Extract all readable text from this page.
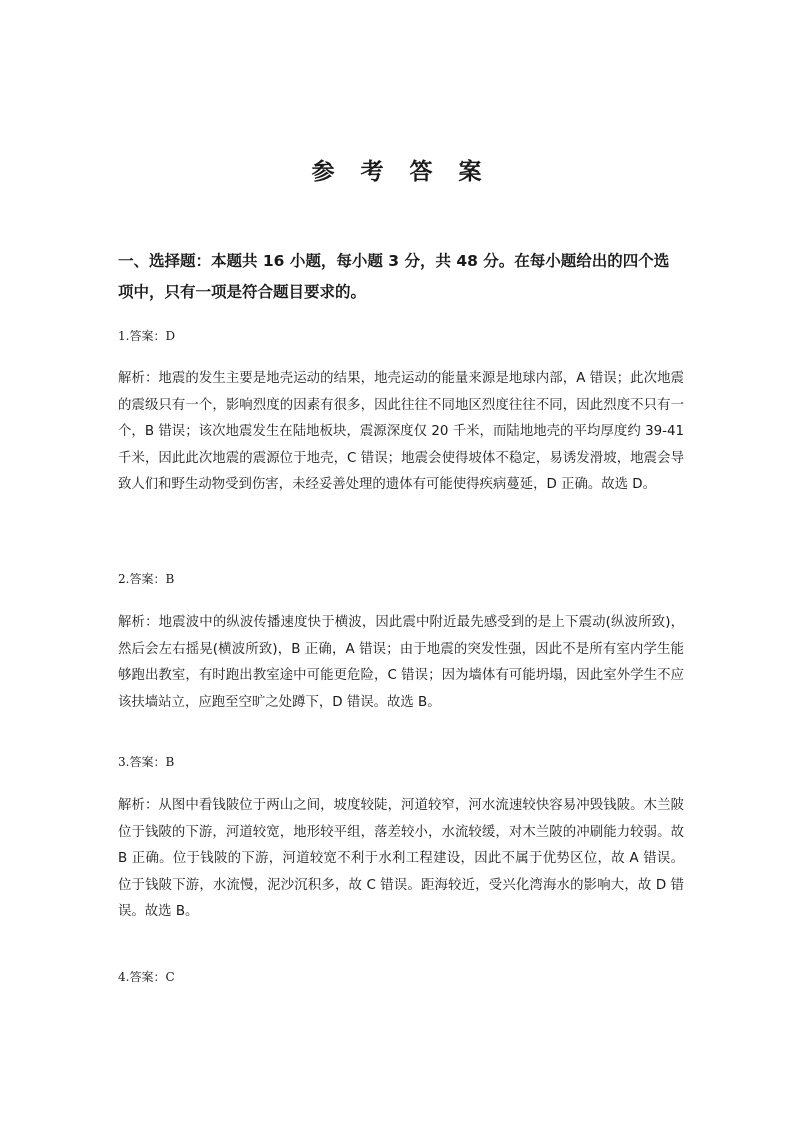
参 考 答 案
一、选择题：本题共 16 小题，每小题 3 分，共 48 分。在每小题给出的四个选项中，只有一项是符合题目要求的。
1.答案：D
解析：地震的发生主要是地壳运动的结果，地壳运动的能量来源是地球内部，A 错误；此次地震的震级只有一个，影响烈度的因素有很多，因此往往不同地区烈度往往不同，因此烈度不只有一个，B 错误；该次地震发生在陆地板块，震源深度仅 20 千米，而陆地地壳的平均厚度约 39-41 千米，因此此次地震的震源位于地壳，C 错误；地震会使得坡体不稳定，易诱发滑坡，地震会导致人们和野生动物受到伤害，未经妥善处理的遗体有可能使得疾病蔓延，D 正确。故选 D。
2.答案：B
解析：地震波中的纵波传播速度快于横波，因此震中附近最先感受到的是上下震动(纵波所致)，然后会左右摇晃(横波所致)，B 正确，A 错误；由于地震的突发性强，因此不是所有室内学生能够跑出教室，有时跑出教室途中可能更危险，C 错误；因为墙体有可能坍塌，因此室外学生不应该扶墙站立，应跑至空旷之处蹲下，D 错误。故选 B。
3.答案：B
解析：从图中看钱陂位于两山之间，坡度较陡，河道较窄，河水流速较快容易冲毁钱陂。木兰陂位于钱陂的下游，河道较宽，地形较平组，落差较小，水流较缓，对木兰陂的冲刷能力较弱。故 B 正确。位于钱陂的下游，河道较宽不利于水利工程建设，因此不属于优势区位，故 A 错误。位于钱陂下游，水流慢，泥沙沉积多，故 C 错误。距海较近，受兴化湾海水的影响大，故 D 错误。故选 B。
4.答案：C
